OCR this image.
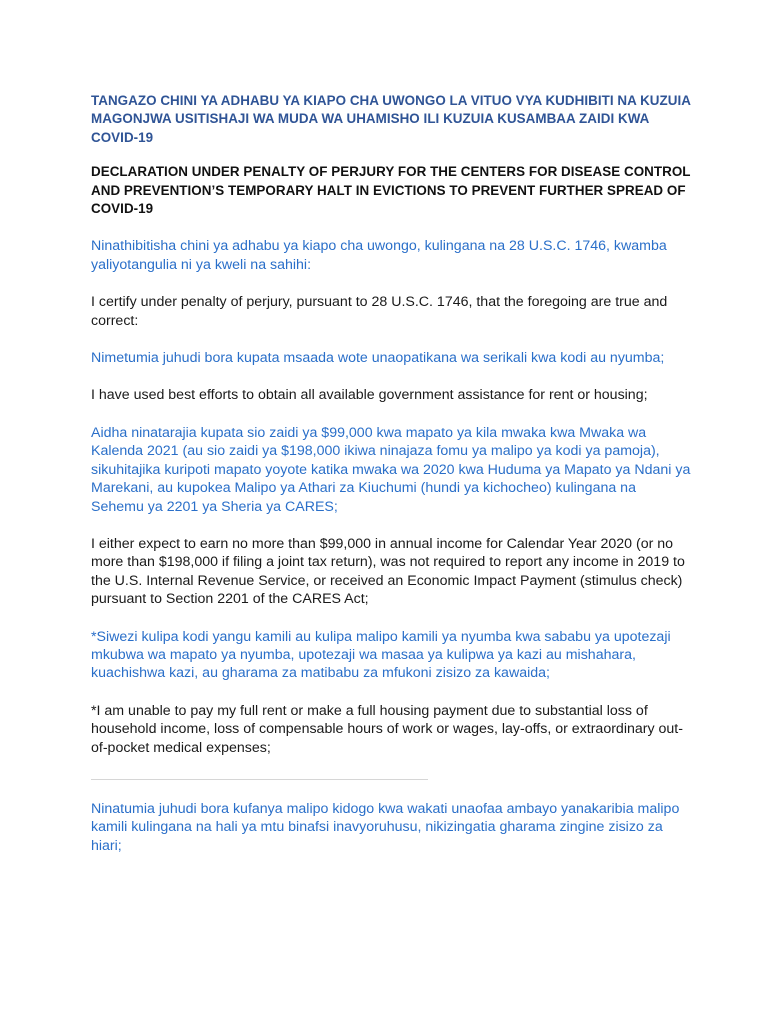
TANGAZO CHINI YA ADHABU YA KIAPO CHA UWONGO LA VITUO VYA KUDHIBITI NA KUZUIA MAGONJWA USITISHAJI WA MUDA WA UHAMISHO ILI KUZUIA KUSAMBAA ZAIDI KWA COVID-19
DECLARATION UNDER PENALTY OF PERJURY FOR THE CENTERS FOR DISEASE CONTROL AND PREVENTION’S TEMPORARY HALT IN EVICTIONS TO PREVENT FURTHER SPREAD OF COVID-19
Ninathibitisha chini ya adhabu ya kiapo cha uwongo, kulingana na 28 U.S.C. 1746, kwamba yaliyotangulia ni ya kweli na sahihi:
I certify under penalty of perjury, pursuant to 28 U.S.C. 1746, that the foregoing are true and correct:
Nimetumia juhudi bora kupata msaada wote unaopatikana wa serikali kwa kodi au nyumba;
I have used best efforts to obtain all available government assistance for rent or housing;
Aidha ninatarajia kupata sio zaidi ya $99,000 kwa mapato ya kila mwaka kwa Mwaka wa Kalenda 2021 (au sio zaidi ya $198,000 ikiwa ninajaza fomu ya malipo ya kodi ya pamoja), sikuhitajika kuripoti mapato yoyote katika mwaka wa 2020 kwa Huduma ya Mapato ya Ndani ya Marekani, au kupokea Malipo ya Athari za Kiuchumi (hundi ya kichocheo) kulingana na Sehemu ya 2201 ya Sheria ya CARES;
I either expect to earn no more than $99,000 in annual income for Calendar Year 2020 (or no more than $198,000 if filing a joint tax return), was not required to report any income in 2019 to the U.S. Internal Revenue Service, or received an Economic Impact Payment (stimulus check) pursuant to Section 2201 of the CARES Act;
*Siwezi kulipa kodi yangu kamili au kulipa malipo kamili ya nyumba kwa sababu ya upotezaji mkubwa wa mapato ya nyumba, upotezaji wa masaa ya kulipwa ya kazi au mishahara, kuachishwa kazi, au gharama za matibabu za mfukoni zisizo za kawaida;
*I am unable to pay my full rent or make a full housing payment due to substantial loss of household income, loss of compensable hours of work or wages, lay-offs, or extraordinary out-of-pocket medical expenses;
Ninatumia juhudi bora kufanya malipo kidogo kwa wakati unaofaa ambayo yanakaribia malipo kamili kulingana na hali ya mtu binafsi inavyoruhusu, nikizingatia gharama zingine zisizo za hiari;
